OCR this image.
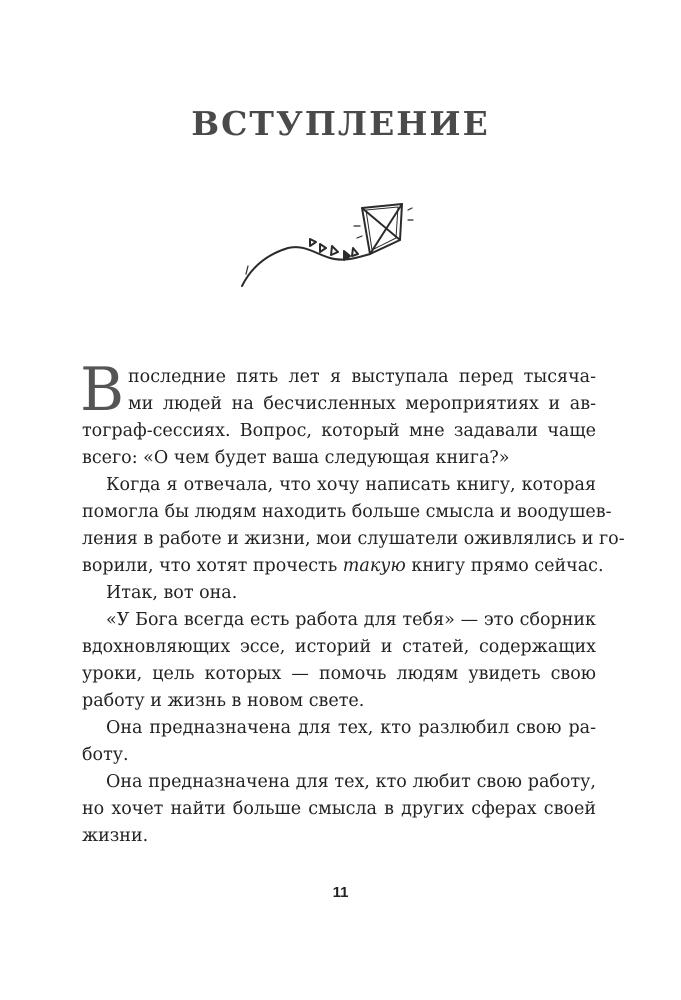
ВСТУПЛЕНИЕ
В последние пять лет я выступала перед тысяча-
ми людей на бесчисленных мероприятиях и ав-
тограф-сессиях. Вопрос, который мне задавали чаще
всего: «О чем будет ваша следующая книга?»
Когда я отвечала, что хочу написать книгу, которая
помогла бы людям находить больше смысла и воодушев-
ления в работе и жизни, мои слушатели оживлялись и го-
ворили, что хотят прочесть такую книгу прямо сейчас.
Итак, вот она.
«У Бога всегда есть работа для тебя» — это сборник
вдохновляющих эссе, историй и статей, содержащих
уроки, цель которых — помочь людям увидеть свою
работу и жизнь в новом свете.
Она предназначена для тех, кто разлюбил свою ра-
боту.
Она предназначена для тех, кто любит свою работу,
но хочет найти больше смысла в других сферах своей
жизни.
11
